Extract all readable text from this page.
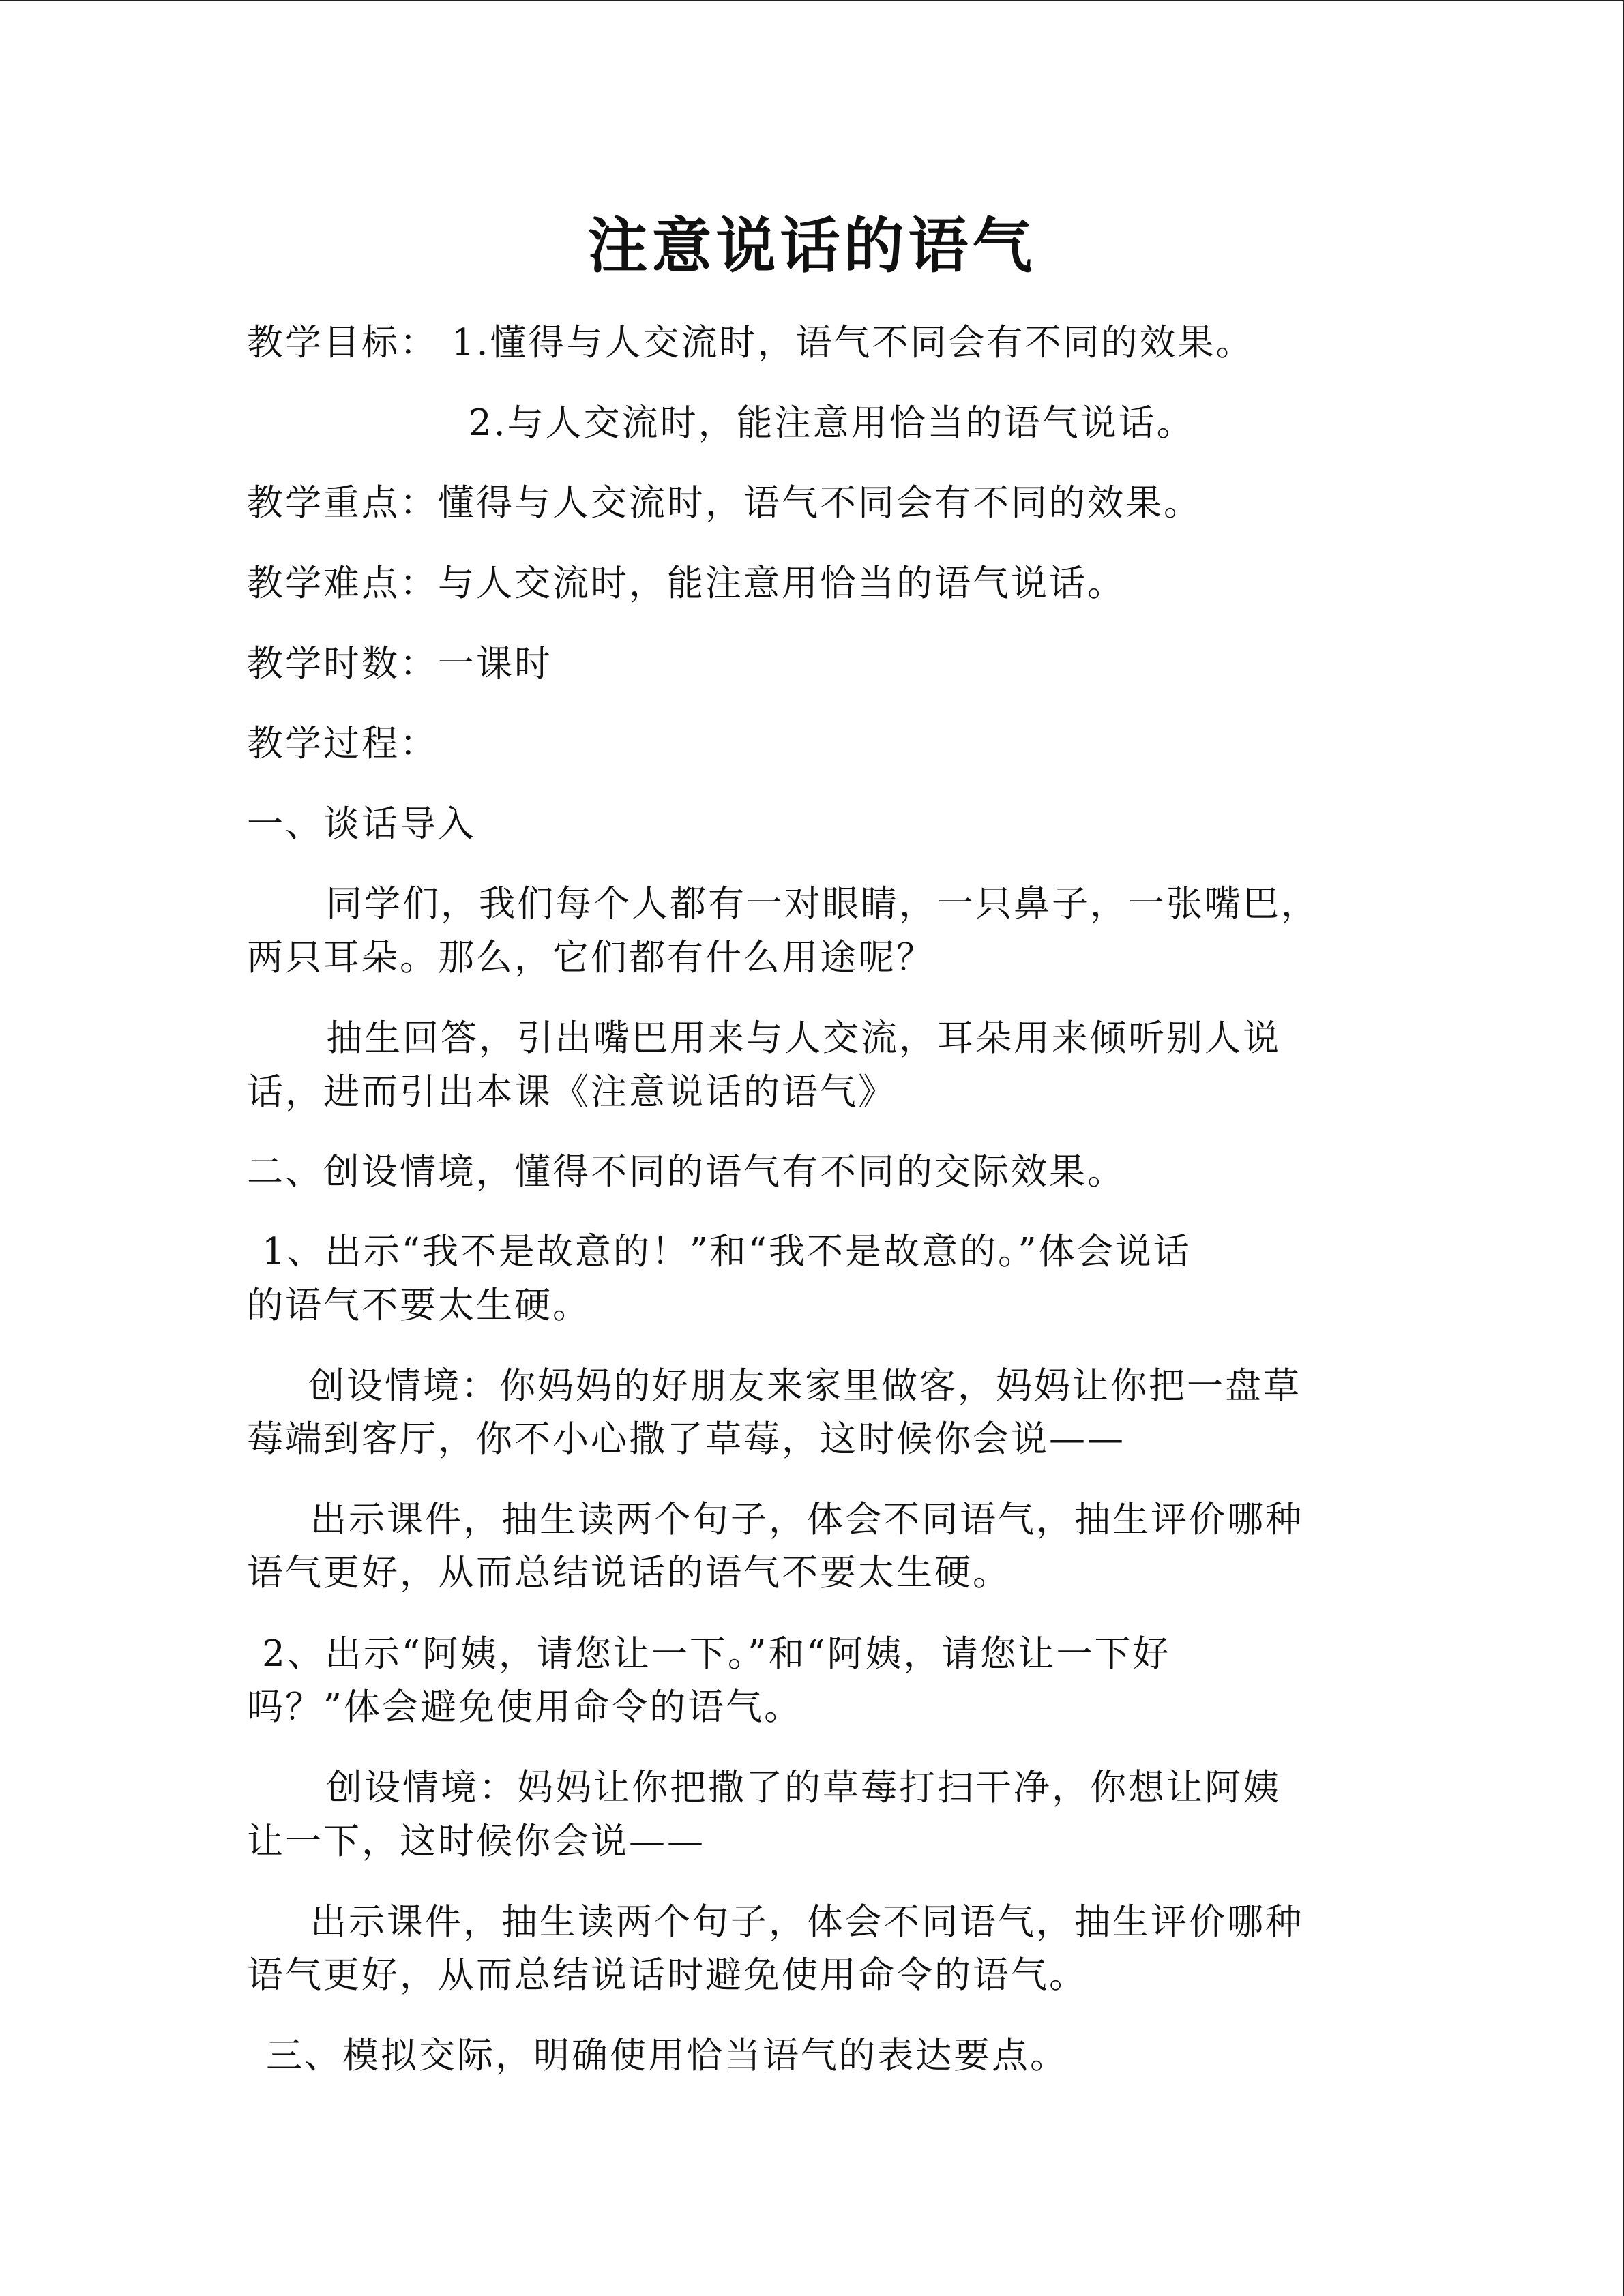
注意说话的语气
教学目标： 1.懂得与人交流时，语气不同会有不同的效果。
2.与人交流时，能注意用恰当的语气说话。
教学重点：懂得与人交流时，语气不同会有不同的效果。
教学难点：与人交流时，能注意用恰当的语气说话。
教学时数：一课时
教学过程：
一、谈话导入
同学们，我们每个人都有一对眼睛，一只鼻子，一张嘴巴，
两只耳朵。那么，它们都有什么用途呢？
抽生回答，引出嘴巴用来与人交流，耳朵用来倾听别人说
话，进而引出本课《注意说话的语气》
二、创设情境，懂得不同的语气有不同的交际效果。
1、出示“我不是故意的！”和“我不是故意的。”体会说话
的语气不要太生硬。
创设情境：你妈妈的好朋友来家里做客，妈妈让你把一盘草
莓端到客厅，你不小心撒了草莓，这时候你会说——
出示课件，抽生读两个句子，体会不同语气，抽生评价哪种
语气更好，从而总结说话的语气不要太生硬。
2、出示“阿姨，请您让一下。”和“阿姨，请您让一下好
吗？”体会避免使用命令的语气。
创设情境：妈妈让你把撒了的草莓打扫干净，你想让阿姨
让一下，这时候你会说——
出示课件，抽生读两个句子，体会不同语气，抽生评价哪种
语气更好，从而总结说话时避免使用命令的语气。
三、模拟交际，明确使用恰当语气的表达要点。
